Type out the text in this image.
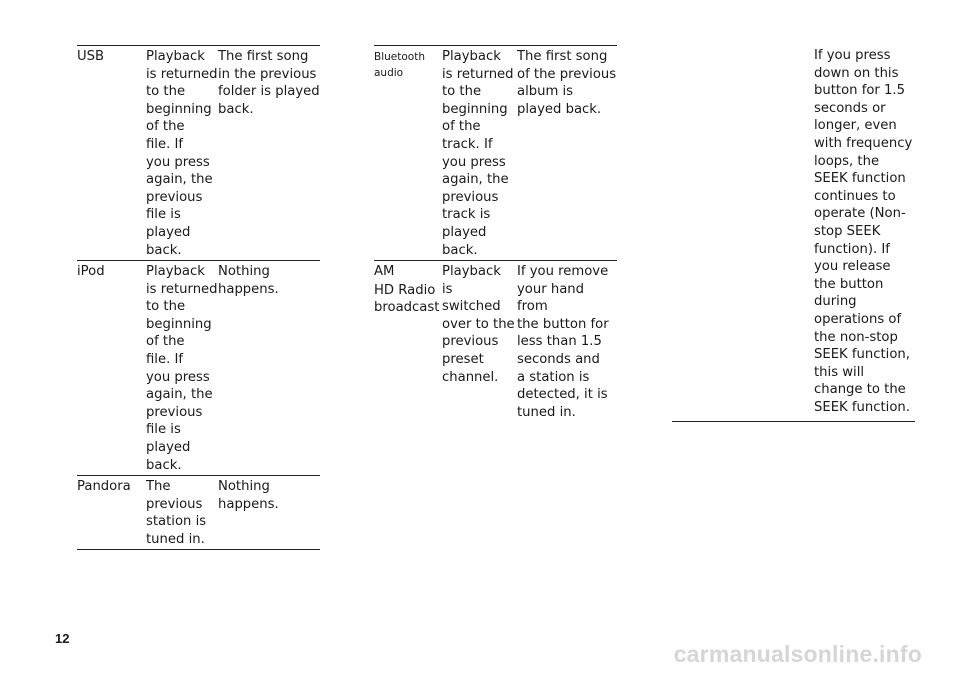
USB	Playback
is returned
to the
beginning
of the
file. If
you press
again, the
previous
file is
played
back.
The first song
in the previous
folder is played
back.
iPod	Playback
is returned
to the
beginning
of the
file. If
you press
again, the
previous
file is
played
back.
Nothing
happens.
Pandora The
previous
station is
tuned in.
Nothing
happens.
Bluetooth
audio
Playback
is returned
to the
beginning
of the
track. If
you press
again, the
previous
track is
played
back.
The first song
of the previous
album is
played back.
AM
HD Radio
broadcast
Playback
is
switched
over to the
previous
preset
channel.
If you remove
your hand from
the button for
less than 1.5
seconds and
a station is
detected, it is
tuned in.
If you press
down on this
button for 1.5
seconds or
longer, even
with frequency
loops, the
SEEK function
continues to
operate (Non-
stop SEEK
function). If
you release
the button
during
operations of
the non-stop
SEEK function,
this will
change to the
SEEK function.
12
carmanualsonline.info
